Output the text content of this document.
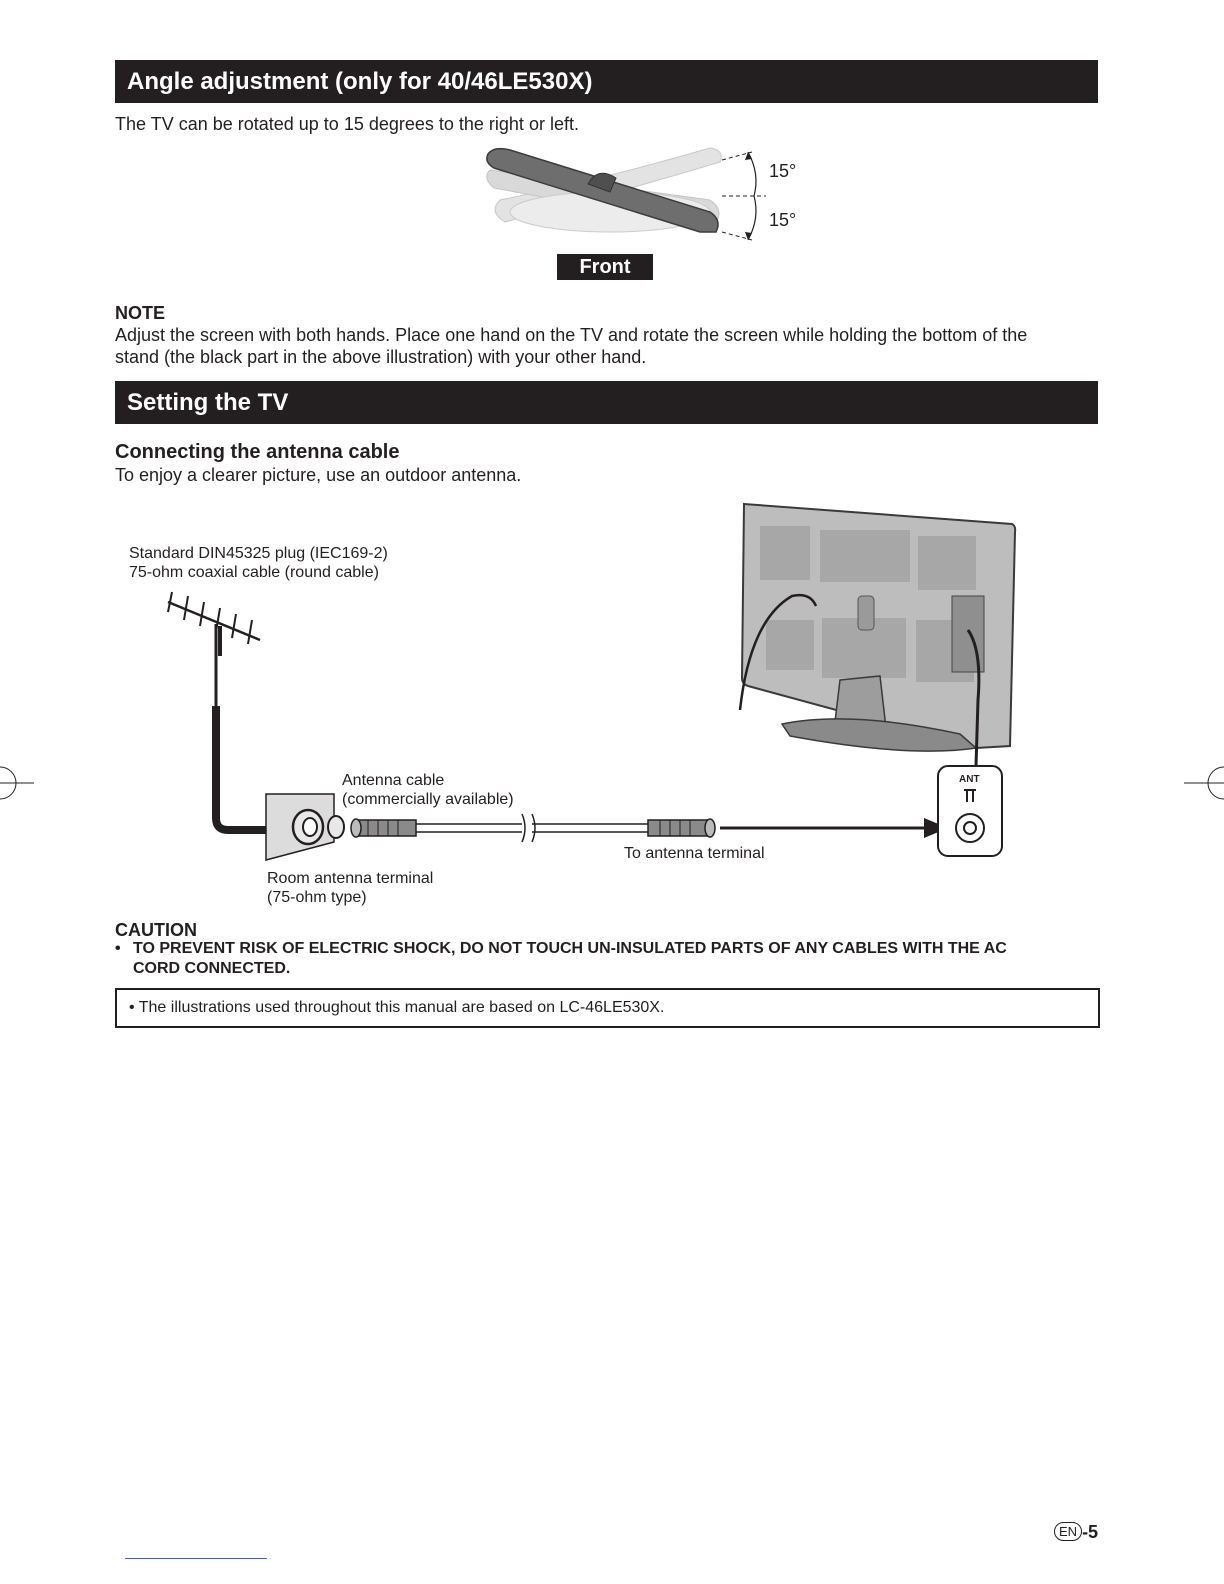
Angle adjustment (only for 40/46LE530X)
The TV can be rotated up to 15 degrees to the right or left.
15°
15°
Front
NOTE
Adjust the screen with both hands. Place one hand on the TV and rotate the screen while holding the bottom of the
stand (the black part in the above illustration) with your other hand.
Setting the TV
Connecting the antenna cable
To enjoy a clearer picture, use an outdoor antenna.
ANT
Standard DIN45325 plug (IEC169-2)
75-ohm coaxial cable (round cable)
Antenna cable
(commercially available)
To antenna terminal
Room antenna terminal
(75-ohm type)
CAUTION
• TO PREVENT RISK OF ELECTRIC SHOCK, DO NOT TOUCH UN-INSULATED PARTS OF ANY CABLES WITH THE AC
CORD CONNECTED.
• The illustrations used throughout this manual are based on LC-46LE530X.
EN -5
